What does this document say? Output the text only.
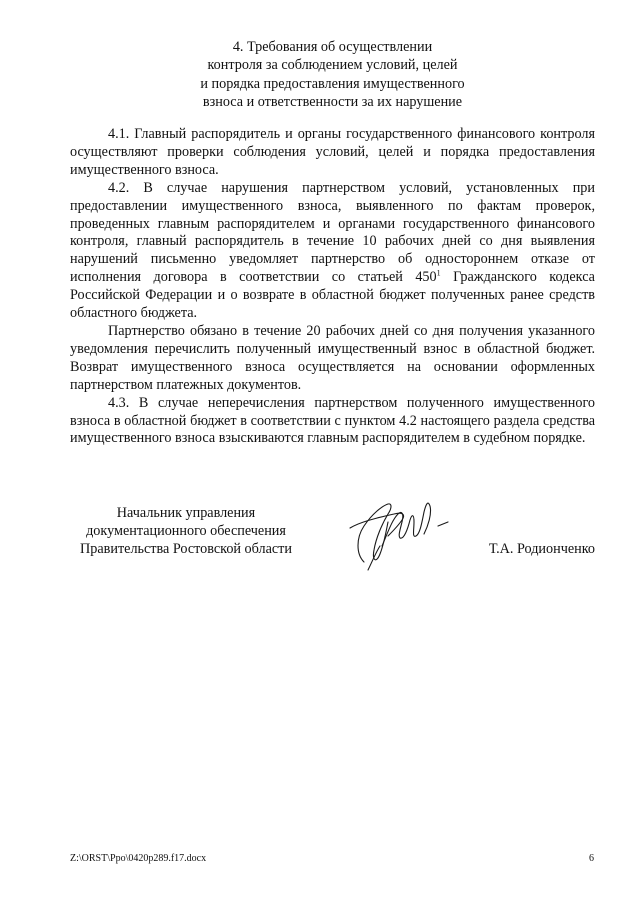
4. Требования об осуществлении
контроля за соблюдением условий, целей
и порядка предоставления имущественного
взноса и ответственности за их нарушение

4.1. Главный распорядитель и органы государственного финансового контроля осуществляют проверки соблюдения условий, целей и порядка предоставления имущественного взноса.

4.2. В случае нарушения партнерством условий, установленных при предоставлении имущественного взноса, выявленного по фактам проверок, проведенных главным распорядителем и органами государственного финансового контроля, главный распорядитель в течение 10 рабочих дней со дня выявления нарушений письменно уведомляет партнерство об одностороннем отказе от исполнения договора в соответствии со статьей $450^1$ Гражданского кодекса Российской Федерации и о возврате в областной бюджет полученных ранее средств областного бюджета.

Партнерство обязано в течение 20 рабочих дней со дня получения указанного уведомления перечислить полученный имущественный взнос в областной бюджет. Возврат имущественного взноса осуществляется на основании оформленных партнерством платежных документов.

4.3. В случае неперечисления партнерством полученного имущественного взноса в областной бюджет в соответствии с пунктом 4.2 настоящего раздела средства имущественного взноса взыскиваются главным распорядителем в судебном порядке.

Начальник управления
документационного обеспечения
Правительства Ростовской области	Т.А. Родионченко
Z:\ORST\Ppo\0420p289.f17.docx	6
